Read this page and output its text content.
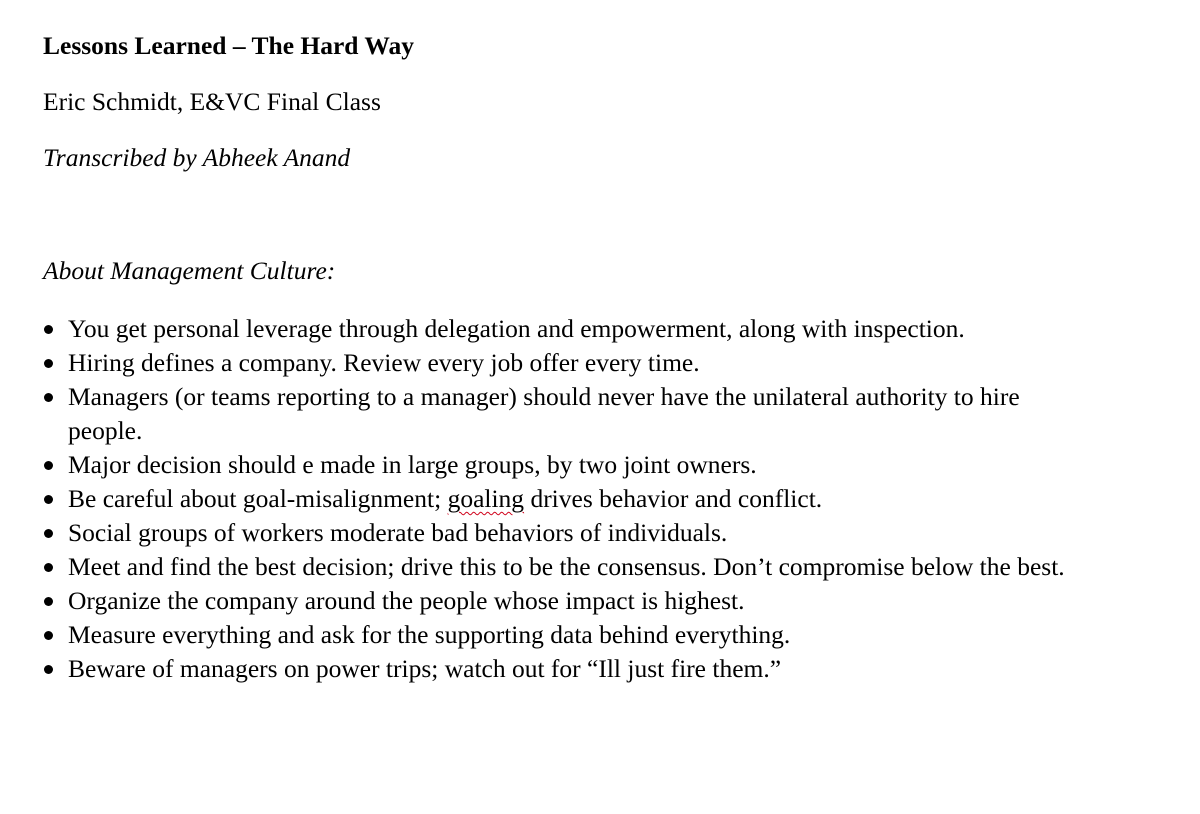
Lessons Learned – The Hard Way

Eric Schmidt, E&VC Final Class

Transcribed by Abheek Anand

About Management Culture:

You get personal leverage through delegation and empowerment, along with inspection.
Hiring defines a company. Review every job offer every time.
Managers (or teams reporting to a manager) should never have the unilateral authority to hire people.
Major decision should e made in large groups, by two joint owners.
Be careful about goal-misalignment; goaling drives behavior and conflict.
Social groups of workers moderate bad behaviors of individuals.
Meet and find the best decision; drive this to be the consensus. Don’t compromise below the best.
Organize the company around the people whose impact is highest.
Measure everything and ask for the supporting data behind everything.
Beware of managers on power trips; watch out for “Ill just fire them.”
